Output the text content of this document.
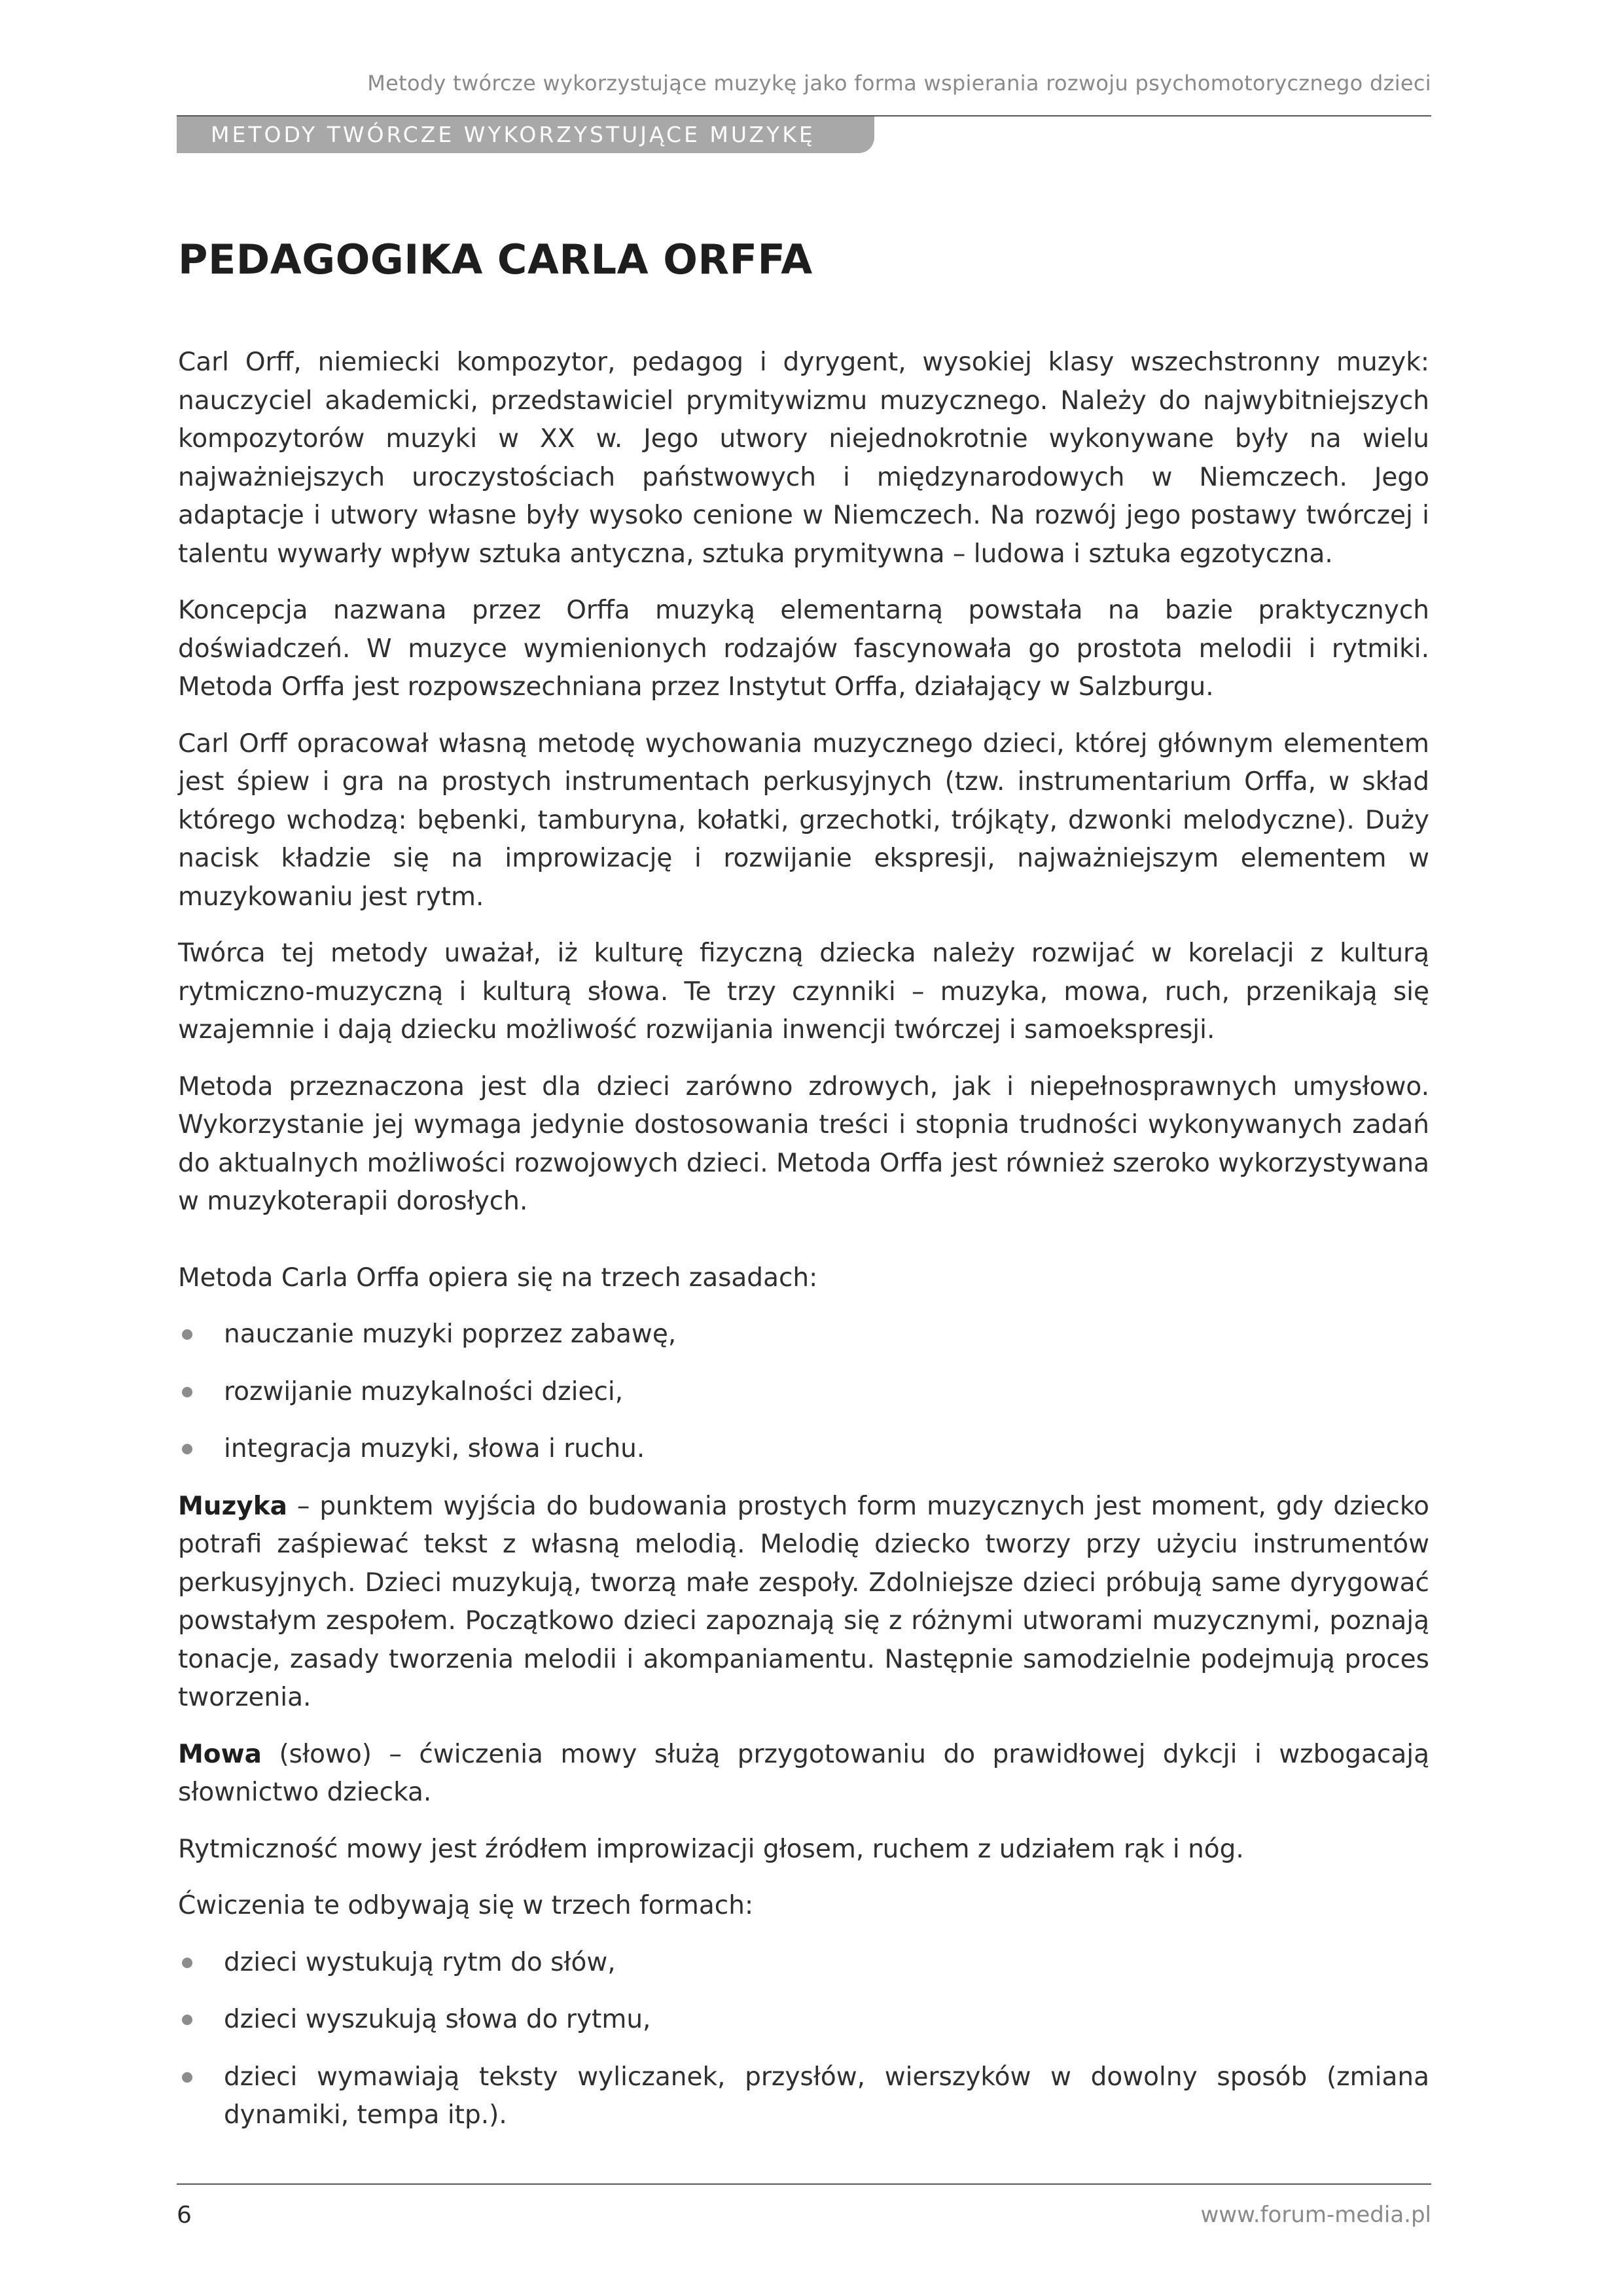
Metody twórcze wykorzystujące muzykę jako forma wspierania rozwoju psychomotorycznego dzieci
METODY TWÓRCZE WYKORZYSTUJĄCE MUZYKĘ
PEDAGOGIKA CARLA ORFFA

Carl Orff, niemiecki kompozytor, pedagog i dyrygent, wysokiej klasy wszechstronny muzyk: nauczyciel akademicki, przedstawiciel prymitywizmu muzycznego. Należy do najwybitniejszych kompozytorów muzyki w XX w. Jego utwory niejednokrotnie wykonywane były na wielu najważniejszych uroczystościach państwowych i międzynarodowych w Niemczech. Jego adaptacje i utwory własne były wysoko cenione w Niemczech. Na rozwój jego postawy twórczej i talentu wywarły wpływ sztuka antyczna, sztuka prymitywna – ludowa i sztuka egzotyczna.

Koncepcja nazwana przez Orffa muzyką elementarną powstała na bazie praktycznych doświadczeń. W muzyce wymienionych rodzajów fascynowała go prostota melodii i rytmiki. Metoda Orffa jest rozpowszechniana przez Instytut Orffa, działający w Salzburgu.

Carl Orff opracował własną metodę wychowania muzycznego dzieci, której głównym elementem jest śpiew i gra na prostych instrumentach perkusyjnych (tzw. instrumentarium Orffa, w skład którego wchodzą: bębenki, tamburyna, kołatki, grzechotki, trójkąty, dzwonki melodyczne). Duży nacisk kładzie się na improwizację i rozwijanie ekspresji, najważniejszym elementem w muzykowaniu jest rytm.

Twórca tej metody uważał, iż kulturę fizyczną dziecka należy rozwijać w korelacji z kulturą rytmiczno-muzyczną i kulturą słowa. Te trzy czynniki – muzyka, mowa, ruch, przenikają się wzajemnie i dają dziecku możliwość rozwijania inwencji twórczej i samoekspresji.

Metoda przeznaczona jest dla dzieci zarówno zdrowych, jak i niepełnosprawnych umysłowo. Wykorzystanie jej wymaga jedynie dostosowania treści i stopnia trudności wykonywanych zadań do aktualnych możliwości rozwojowych dzieci. Metoda Orffa jest również szeroko wykorzystywana w muzykoterapii dorosłych.

Metoda Carla Orffa opiera się na trzech zasadach:

nauczanie muzyki poprzez zabawę,
rozwijanie muzykalności dzieci,
integracja muzyki, słowa i ruchu.

Muzyka – punktem wyjścia do budowania prostych form muzycznych jest moment, gdy dziecko potrafi zaśpiewać tekst z własną melodią. Melodię dziecko tworzy przy użyciu instrumentów perkusyjnych. Dzieci muzykują, tworzą małe zespoły. Zdolniejsze dzieci próbują same dyrygować powstałym zespołem. Początkowo dzieci zapoznają się z różnymi utworami muzycznymi, poznają tonacje, zasady tworzenia melodii i akompaniamentu. Następnie samodzielnie podejmują proces tworzenia.

Mowa (słowo) – ćwiczenia mowy służą przygotowaniu do prawidłowej dykcji i wzbogacają słownictwo dziecka.

Rytmiczność mowy jest źródłem improwizacji głosem, ruchem z udziałem rąk i nóg.

Ćwiczenia te odbywają się w trzech formach:

dzieci wystukują rytm do słów,
dzieci wyszukują słowa do rytmu,
dzieci wymawiają teksty wyliczanek, przysłów, wierszyków w dowolny sposób (zmiana dynamiki, tempa itp.).
6	www.forum-media.pl
